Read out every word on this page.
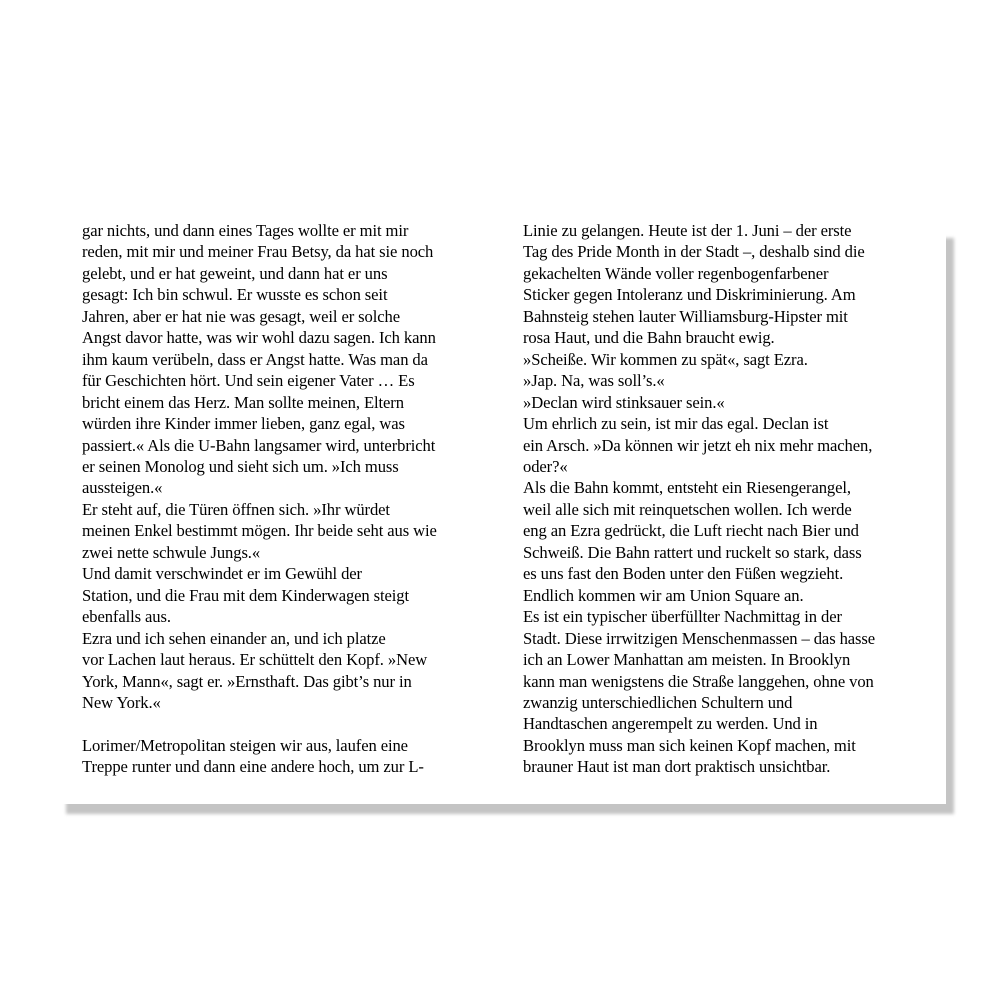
gar nichts, und dann eines Tages wollte er mit mir

reden, mit mir und meiner Frau Betsy, da hat sie noch

gelebt, und er hat geweint, und dann hat er uns

gesagt: Ich bin schwul. Er wusste es schon seit

Jahren, aber er hat nie was gesagt, weil er solche

Angst davor hatte, was wir wohl dazu sagen. Ich kann

ihm kaum verübeln, dass er Angst hatte. Was man da

für Geschichten hört. Und sein eigener Vater … Es

bricht einem das Herz. Man sollte meinen, Eltern

würden ihre Kinder immer lieben, ganz egal, was

passiert.« Als die U-Bahn langsamer wird, unterbricht

er seinen Monolog und sieht sich um. »Ich muss

aussteigen.«

Er steht auf, die Türen öffnen sich. »Ihr würdet

meinen Enkel bestimmt mögen. Ihr beide seht aus wie

zwei nette schwule Jungs.«

Und damit verschwindet er im Gewühl der

Station, und die Frau mit dem Kinderwagen steigt

ebenfalls aus.

Ezra und ich sehen einander an, und ich platze

vor Lachen laut heraus. Er schüttelt den Kopf. »New

York, Mann«, sagt er. »Ernsthaft. Das gibt’s nur in

New York.«

Lorimer/Metropolitan steigen wir aus, laufen eine

Treppe runter und dann eine andere hoch, um zur L-

Linie zu gelangen. Heute ist der 1. Juni – der erste

Tag des Pride Month in der Stadt –, deshalb sind die

gekachelten Wände voller regenbogenfarbener

Sticker gegen Intoleranz und Diskriminierung. Am

Bahnsteig stehen lauter Williamsburg-Hipster mit

rosa Haut, und die Bahn braucht ewig.

»Scheiße. Wir kommen zu spät«, sagt Ezra.

»Jap. Na, was soll’s.«

»Declan wird stinksauer sein.«

Um ehrlich zu sein, ist mir das egal. Declan ist

ein Arsch. »Da können wir jetzt eh nix mehr machen,

oder?«

Als die Bahn kommt, entsteht ein Riesengerangel,

weil alle sich mit reinquetschen wollen. Ich werde

eng an Ezra gedrückt, die Luft riecht nach Bier und

Schweiß. Die Bahn rattert und ruckelt so stark, dass

es uns fast den Boden unter den Füßen wegzieht.

Endlich kommen wir am Union Square an.

Es ist ein typischer überfüllter Nachmittag in der

Stadt. Diese irrwitzigen Menschenmassen – das hasse

ich an Lower Manhattan am meisten. In Brooklyn

kann man wenigstens die Straße langgehen, ohne von

zwanzig unterschiedlichen Schultern und

Handtaschen angerempelt zu werden. Und in

Brooklyn muss man sich keinen Kopf machen, mit

brauner Haut ist man dort praktisch unsichtbar.
